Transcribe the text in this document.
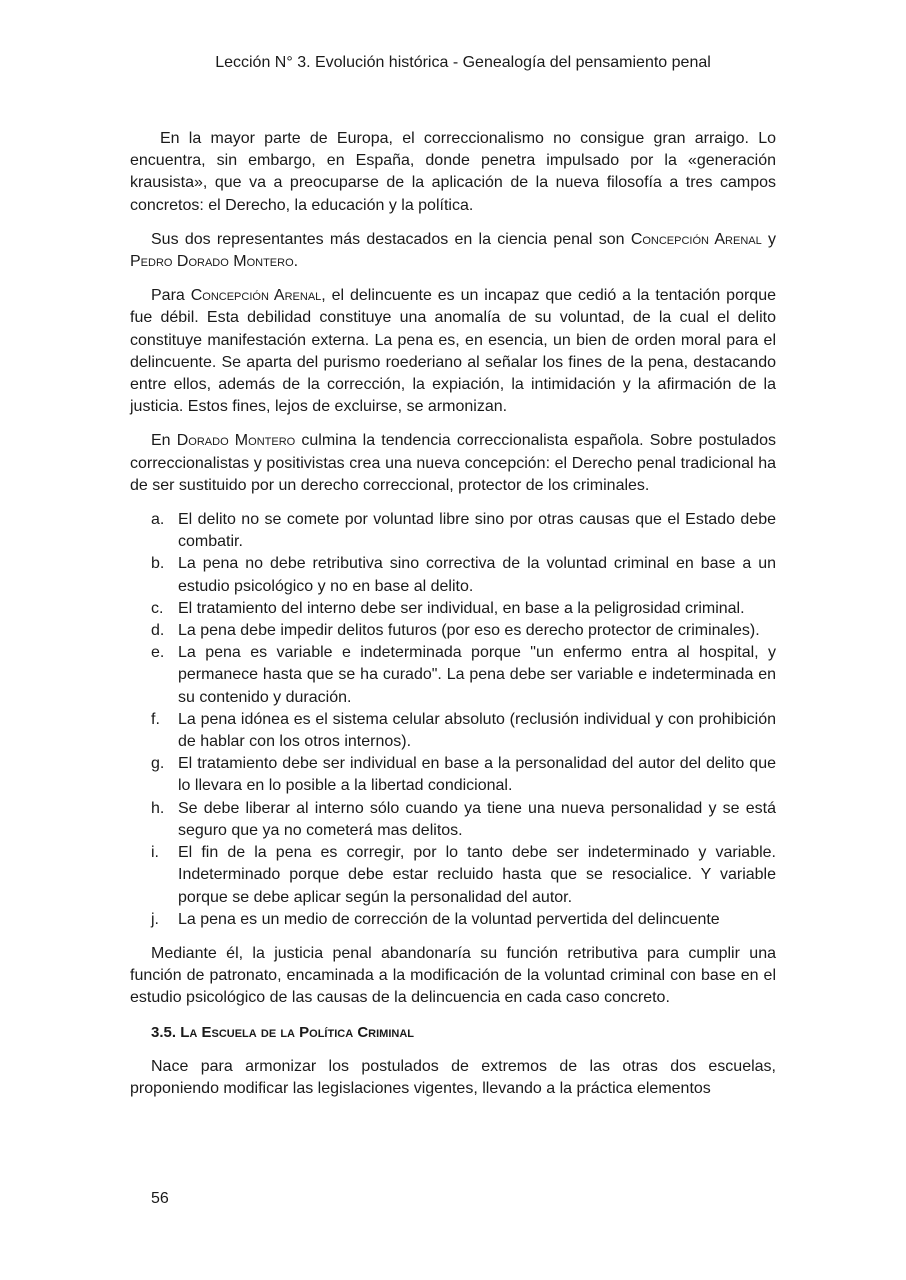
Lección N° 3. Evolución histórica - Genealogía del pensamiento penal

En la mayor parte de Europa, el correccionalismo no consigue gran arraigo. Lo encuentra, sin embargo, en España, donde penetra impulsado por la «generación krausista», que va a preocuparse de la aplicación de la nueva filosofía a tres campos concretos: el Derecho, la educación y la política.

Sus dos representantes más destacados en la ciencia penal son Concepción Arenal y Pedro Dorado Montero.

Para Concepción Arenal, el delincuente es un incapaz que cedió a la tentación porque fue débil. Esta debilidad constituye una anomalía de su voluntad, de la cual el delito constituye manifestación externa. La pena es, en esencia, un bien de orden moral para el delincuente. Se aparta del purismo roederiano al señalar los fines de la pena, destacando entre ellos, además de la corrección, la expiación, la intimidación y la afirmación de la justicia. Estos fines, lejos de excluirse, se armonizan.

En Dorado Montero culmina la tendencia correccionalista española. Sobre postulados correccionalistas y positivistas crea una nueva concepción: el Derecho penal tradicional ha de ser sustituido por un derecho correccional, protector de los criminales.

a. El delito no se comete por voluntad libre sino por otras causas que el Estado debe combatir.
b. La pena no debe retributiva sino correctiva de la voluntad criminal en base a un estudio psicológico y no en base al delito.
c. El tratamiento del interno debe ser individual, en base a la peligrosidad criminal.
d. La pena debe impedir delitos futuros (por eso es derecho protector de criminales).
e. La pena es variable e indeterminada porque "un enfermo entra al hospital, y permanece hasta que se ha curado". La pena debe ser variable e indeterminada en su contenido y duración.
f. La pena idónea es el sistema celular absoluto (reclusión individual y con prohibición de hablar con los otros internos).
g. El tratamiento debe ser individual en base a la personalidad del autor del delito que lo llevara en lo posible a la libertad condicional.
h. Se debe liberar al interno sólo cuando ya tiene una nueva personalidad y se está seguro que ya no cometerá mas delitos.
i. El fin de la pena es corregir, por lo tanto debe ser indeterminado y variable. Indeterminado porque debe estar recluido hasta que se resocialice. Y variable porque se debe aplicar según la personalidad del autor.
j. La pena es un medio de corrección de la voluntad pervertida del delincuente

Mediante él, la justicia penal abandonaría su función retributiva para cumplir una función de patronato, encaminada a la modificación de la voluntad criminal con base en el estudio psicológico de las causas de la delincuencia en cada caso concreto.

3.5. La Escuela de la Política Criminal

Nace para armonizar los postulados de extremos de las otras dos escuelas, proponiendo modificar las legislaciones vigentes, llevando a la práctica elementos

56
